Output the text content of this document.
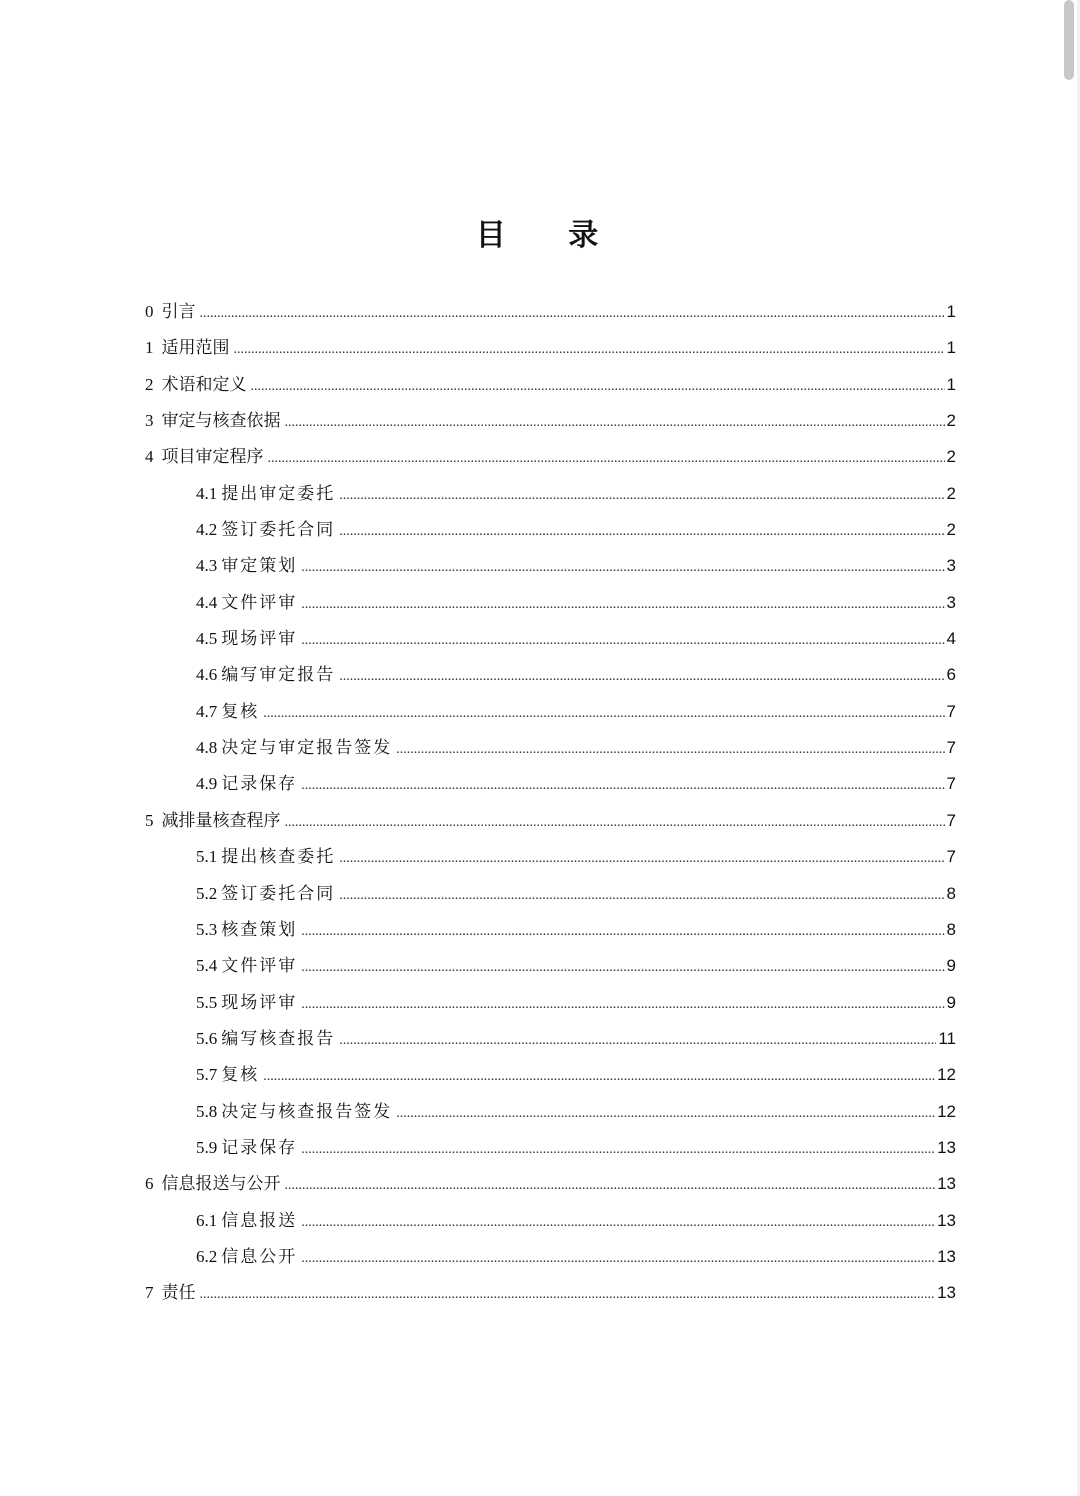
目 录
0 引言 .....	1
1 适用范围 .....	1
2 术语和定义 .....	1
3 审定与核查依据 .....	2
4 项目审定程序 .....	2
4.1 提出审定委托 .....	2
4.2 签订委托合同 .....	2
4.3 审定策划 .....	3
4.4 文件评审 .....	3
4.5 现场评审 .....	4
4.6 编写审定报告 .....	6
4.7 复核 .....	7
4.8 决定与审定报告签发 .....	7
4.9 记录保存 .....	7
5 减排量核查程序 .....	7
5.1 提出核查委托 .....	7
5.2 签订委托合同 .....	8
5.3 核查策划 .....	8
5.4 文件评审 .....	9
5.5 现场评审 .....	9
5.6 编写核查报告 .....	11
5.7 复核 .....	12
5.8 决定与核查报告签发 .....	12
5.9 记录保存 .....	13
6 信息报送与公开 .....	13
6.1 信息报送 .....	13
6.2 信息公开 .....	13
7 责任 .....	13
